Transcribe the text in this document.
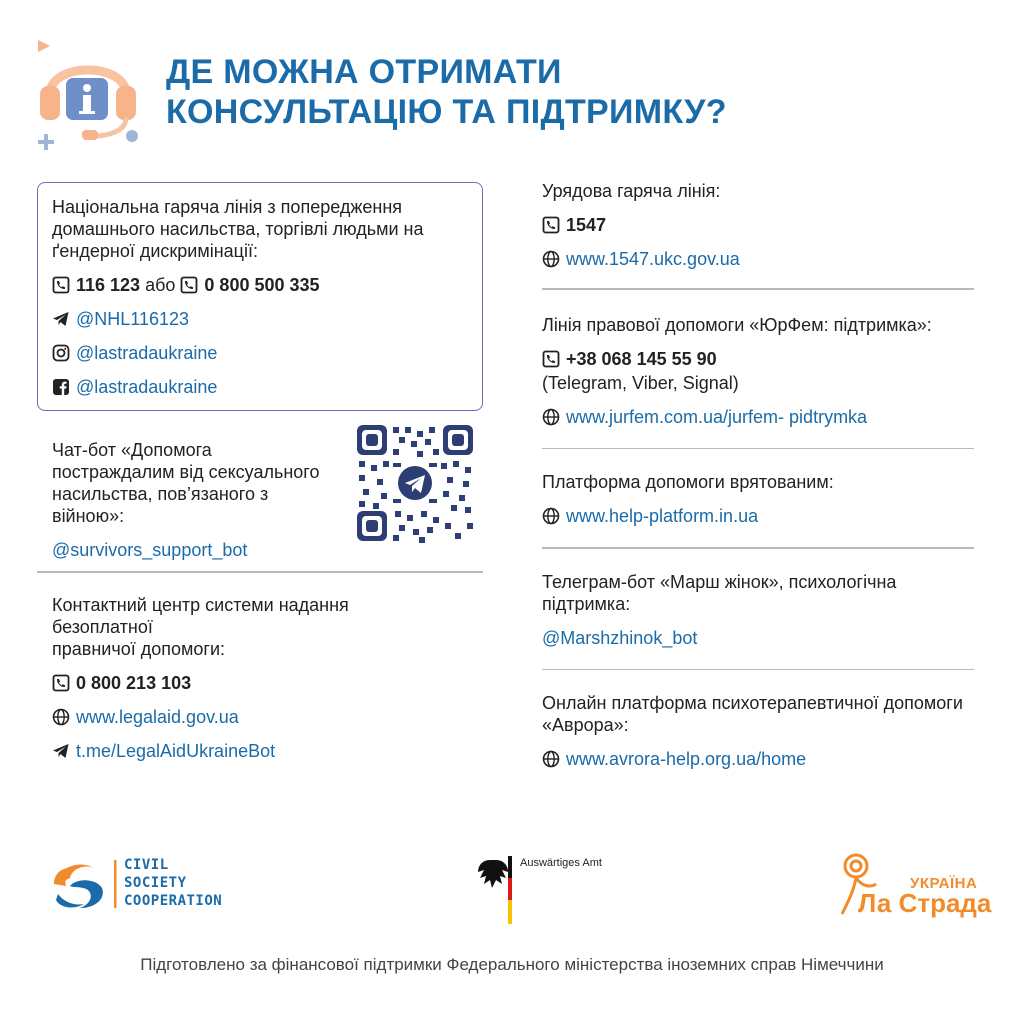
ДЕ МОЖНА ОТРИМАТИ
КОНСУЛЬТАЦІЮ ТА ПІДТРИМКУ?
Національна гаряча лінія з попередження домашнього насильства, торгівлі людьми на ґендерної дискримінації:
116 123 або 0 800 500 335
@NHL116123
@lastradaukraine
@lastradaukraine
Чат-бот «Допомога постраждалим від сексуального насильства, пов’язаного з війною»:
@survivors_support_bot
Контактний центр системи надання
безоплатної
правничої допомоги:
0 800 213 103
www.legalaid.gov.ua
t.me/LegalAidUkraineBot
Урядова гаряча лінія:
1547
www.1547.ukc.gov.ua
Лінія правової допомоги «ЮрФем: підтримка»:
+38 068 145 55 90
(Telegram, Viber, Signal)
www.jurfem.com.ua/jurfem- pidtrymka
Платформа допомоги врятованим:
www.help-platform.in.ua
Телеграм-бот «Марш жінок», психологічна підтримка:
@Marshzhinok_bot
Онлайн платформа психотерапевтичної допомоги «Аврора»:
www.avrora-help.org.ua/home
CIVIL
SOCIETY
COOPERATION
Auswärtiges Amt
УКРАЇНА
Ла Страда
Підготовлено за фінансової підтримки Федерального міністерства іноземних справ Німеччини
